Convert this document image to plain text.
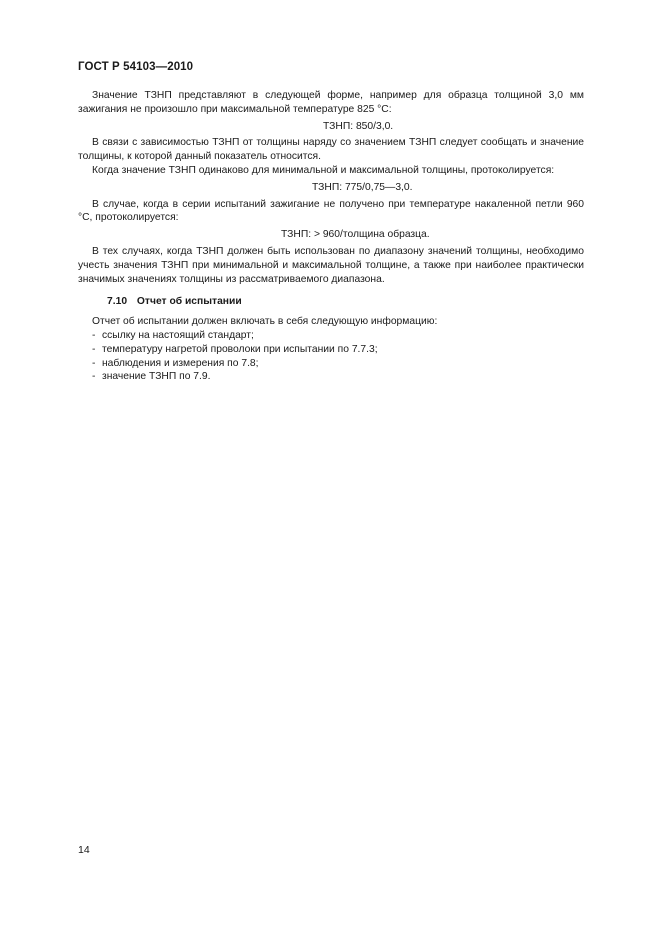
ГОСТ Р 54103—2010

Значение ТЗНП представляют в следующей форме, например для образца толщиной 3,0 мм зажигания не произошло при максимальной температуре 825 °С:

ТЗНП: 850/3,0.

В связи с зависимостью ТЗНП от толщины наряду со значением ТЗНП следует сообщать и значение толщины, к которой данный показатель относится.

Когда значение ТЗНП одинаково для минимальной и максимальной толщины, протоколируется:

ТЗНП: 775/0,75—3,0.

В случае, когда в серии испытаний зажигание не получено при температуре накаленной петли 960 °С, протоколируется:

ТЗНП: > 960/толщина образца.

В тех случаях, когда ТЗНП должен быть использован по диапазону значений толщины, необходимо учесть значения ТЗНП при минимальной и максимальной толщине, а также при наиболее практически значимых значениях толщины из рассматриваемого диапазона.

7.10 Отчет об испытании

Отчет об испытании должен включать в себя следующую информацию:

- ссылку на настоящий стандарт;
- температуру нагретой проволоки при испытании по 7.7.3;
- наблюдения и измерения по 7.8;
- значение ТЗНП по 7.9.
14
